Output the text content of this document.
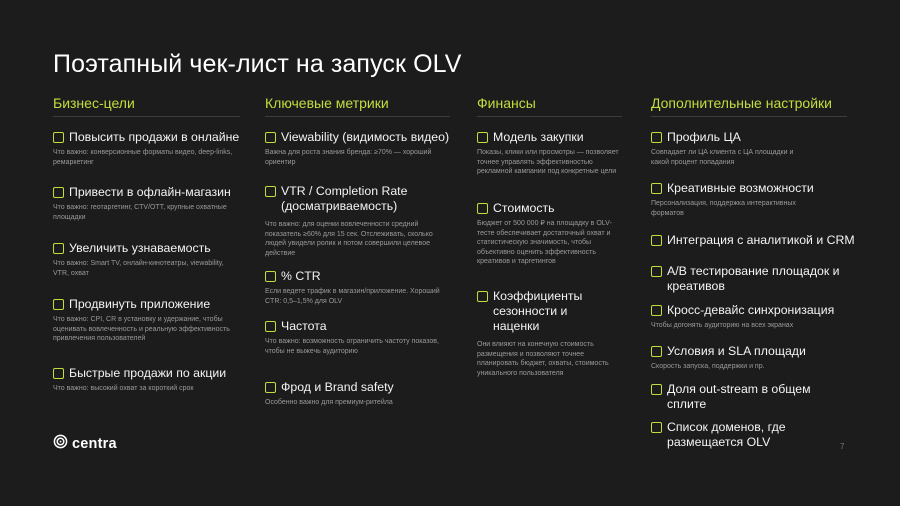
Поэтапный чек-лист на запуск OLV
Бизнес-цели
Повысить продажи в онлайне
Что важно: конверсионные форматы видео, deep-links, ремаркетинг
Привести в офлайн-магазин
Что важно: геотаргетинг, CTV/OTT, крупные охватные площадки
Увеличить узнаваемость
Что важно: Smart TV, онлайн-кинотеатры, viewability, VTR, охват
Продвинуть приложение
Что важно: CPI, CR в установку и удержание, чтобы оценивать вовлеченность и реальную эффективность привлечения пользователей
Быстрые продажи по акции
Что важно: высокий охват за короткий срок
Ключевые метрики
Viewability (видимость видео)
Важна для роста знания бренда: ≥70% — хороший ориентир
VTR / Completion Rate (досматриваемость)
Что важно: для оценки вовлеченности средний показатель ≥60% для 15 сек. Отслеживать, сколько людей увидели ролик и потом совершили целевое действие
% CTR
Если ведете трафик в магазин/приложение. Хороший CTR: 0,5–1,5% для OLV
Частота
Что важно: возможность ограничить частоту показов, чтобы не выжечь аудиторию
Фрод и Brand safety
Особенно важно для премиум-ритейла
Финансы
Модель закупки
Показы, клики или просмотры — позволяет точнее управлять эффективностью рекламной кампании под конкретные цели
Стоимость
Бюджет от 500 000 ₽ на площадку в OLV-тесте обеспечивает достаточный охват и статистическую значимость, чтобы объективно оценить эффективность креативов и таргетингов
Коэффициенты сезонности и наценки
Они влияют на конечную стоимость размещения и позволяют точнее планировать бюджет, охваты, стоимость уникального пользователя
Дополнительные настройки
Профиль ЦА
Совпадает ли ЦА клиента с ЦА площадки и какой процент попадания
Креативные возможности
Персонализация, поддержка интерактивных форматов
Интеграция с аналитикой и CRM
A/B тестирование площадок и креативов
Кросс-девайс синхронизация
Чтобы догонять аудиторию на всех экранах
Условия и SLA площади
Скорость запуска, поддержки и пр.
Доля out-stream в общем сплите
Список доменов, где размещается OLV
centra	7
